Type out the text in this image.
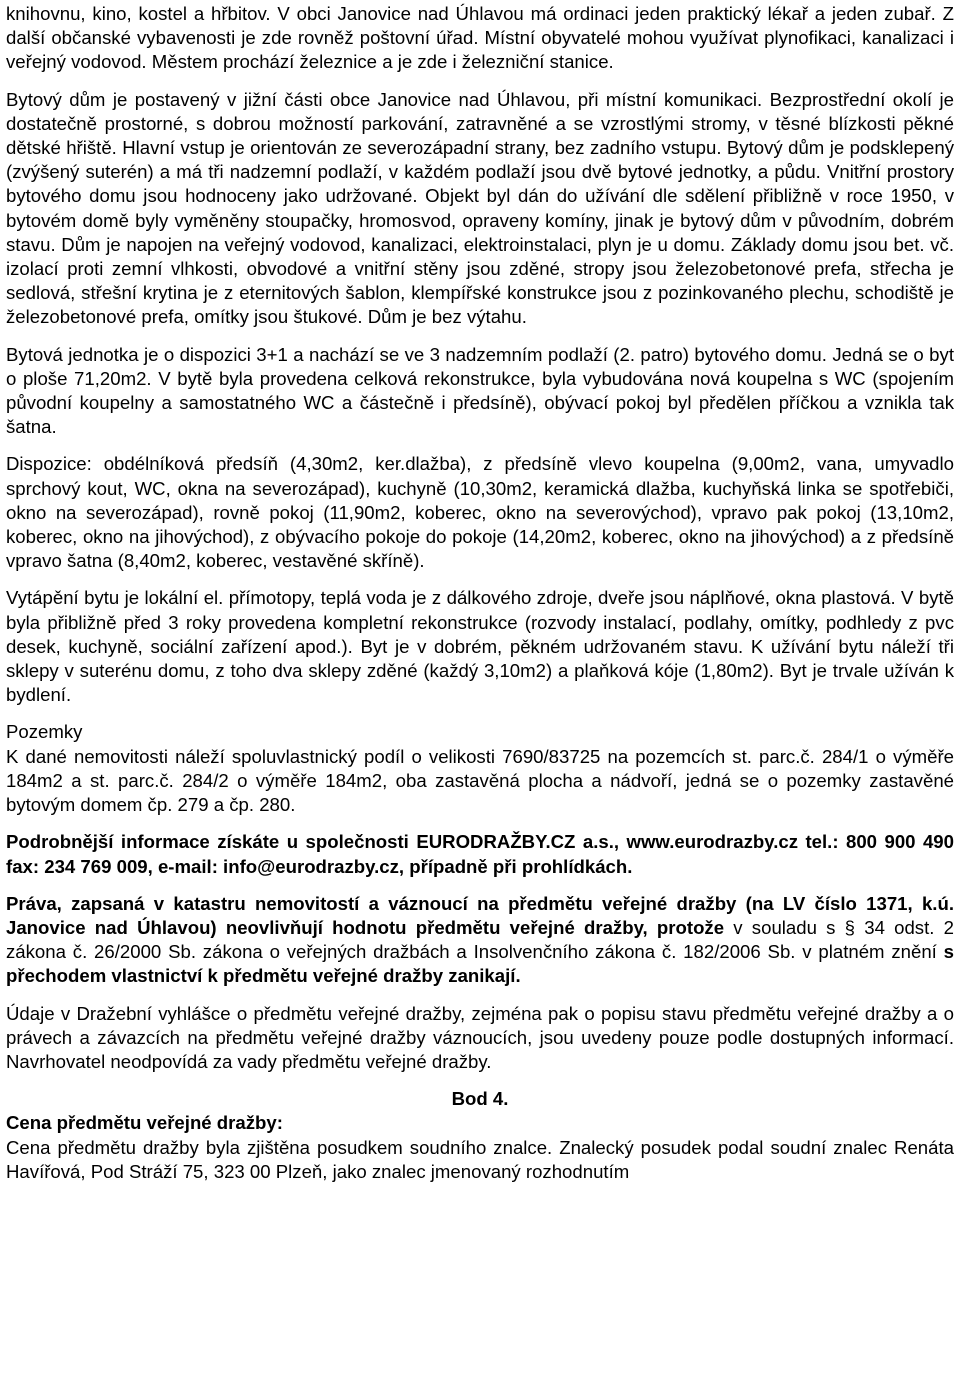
knihovnu, kino, kostel a hřbitov. V obci Janovice nad Úhlavou má ordinaci jeden praktický lékař a jeden zubař. Z další občanské vybavenosti je zde rovněž poštovní úřad. Místní obyvatelé mohou využívat plynofikaci, kanalizaci i veřejný vodovod. Městem prochází železnice a je zde i železniční stanice.

Bytový dům je postavený v jižní části obce Janovice nad Úhlavou, při místní komunikaci. Bezprostřední okolí je dostatečně prostorné, s dobrou možností parkování, zatravněné a se vzrostlými stromy, v těsné blízkosti pěkné dětské hřiště. Hlavní vstup je orientován ze severozápadní strany, bez zadního vstupu. Bytový dům je podsklepený (zvýšený suterén) a má tři nadzemní podlaží, v každém podlaží jsou dvě bytové jednotky, a půdu. Vnitřní prostory bytového domu jsou hodnoceny jako udržované. Objekt byl dán do užívání dle sdělení přibližně v roce 1950, v bytovém domě byly vyměněny stoupačky, hromosvod, opraveny komíny, jinak je bytový dům v původním, dobrém stavu. Dům je napojen na veřejný vodovod, kanalizaci, elektroinstalaci, plyn je u domu. Základy domu jsou bet. vč. izolací proti zemní vlhkosti, obvodové a vnitřní stěny jsou zděné, stropy jsou železobetonové prefa, střecha je sedlová, střešní krytina je z eternitových šablon, klempířské konstrukce jsou z pozinkovaného plechu, schodiště je železobetonové prefa, omítky jsou štukové. Dům je bez výtahu.

Bytová jednotka je o dispozici 3+1 a nachází se ve 3 nadzemním podlaží (2. patro) bytového domu. Jedná se o byt o ploše 71,20m2. V bytě byla provedena celková rekonstrukce, byla vybudována nová koupelna s WC (spojením původní koupelny a samostatného WC a částečně i předsíně), obývací pokoj byl předělen příčkou a vznikla tak šatna.

Dispozice: obdélníková předsíň (4,30m2, ker.dlažba), z předsíně vlevo koupelna (9,00m2, vana, umyvadlo sprchový kout, WC, okna na severozápad), kuchyně (10,30m2, keramická dlažba, kuchyňská linka se spotřebiči, okno na severozápad), rovně pokoj (11,90m2, koberec, okno na severovýchod), vpravo pak pokoj (13,10m2, koberec, okno na jihovýchod), z obývacího pokoje do pokoje (14,20m2, koberec, okno na jihovýchod) a z předsíně vpravo šatna (8,40m2, koberec, vestavěné skříně).

Vytápění bytu je lokální el. přímotopy, teplá voda je z dálkového zdroje, dveře jsou náplňové, okna plastová. V bytě byla přibližně před 3 roky provedena kompletní rekonstrukce (rozvody instalací, podlahy, omítky, podhledy z pvc desek, kuchyně, sociální zařízení apod.). Byt je v dobrém, pěkném udržovaném stavu. K užívání bytu náleží tři sklepy v suterénu domu, z toho dva sklepy zděné (každý 3,10m2) a plaňková kóje (1,80m2). Byt je trvale užíván k bydlení.

Pozemky
K dané nemovitosti náleží spoluvlastnický podíl o velikosti 7690/83725 na pozemcích st. parc.č. 284/1 o výměře 184m2 a st. parc.č. 284/2 o výměře 184m2, oba zastavěná plocha a nádvoří, jedná se o pozemky zastavěné bytovým domem čp. 279 a čp. 280.

Podrobnější informace získáte u společnosti EURODRAŽBY.CZ a.s., www.eurodrazby.cz tel.: 800 900 490 fax: 234 769 009, e-mail: info@eurodrazby.cz, případně při prohlídkách.

Práva, zapsaná v katastru nemovitostí a váznoucí na předmětu veřejné dražby (na LV číslo 1371, k.ú. Janovice nad Úhlavou) neovlivňují hodnotu předmětu veřejné dražby, protože v souladu s § 34 odst. 2 zákona č. 26/2000 Sb. zákona o veřejných dražbách a Insolvenčního zákona č. 182/2006 Sb. v platném znění s přechodem vlastnictví k předmětu veřejné dražby zanikají.

Údaje v Dražební vyhlášce o předmětu veřejné dražby, zejména pak o popisu stavu předmětu veřejné dražby a o právech a závazcích na předmětu veřejné dražby váznoucích, jsou uvedeny pouze podle dostupných informací. Navrhovatel neodpovídá za vady předmětu veřejné dražby.

Bod 4.

Cena předmětu veřejné dražby:
Cena předmětu dražby byla zjištěna posudkem soudního znalce. Znalecký posudek podal soudní znalec Renáta Havířová, Pod Stráží 75, 323 00 Plzeň, jako znalec jmenovaný rozhodnutím
